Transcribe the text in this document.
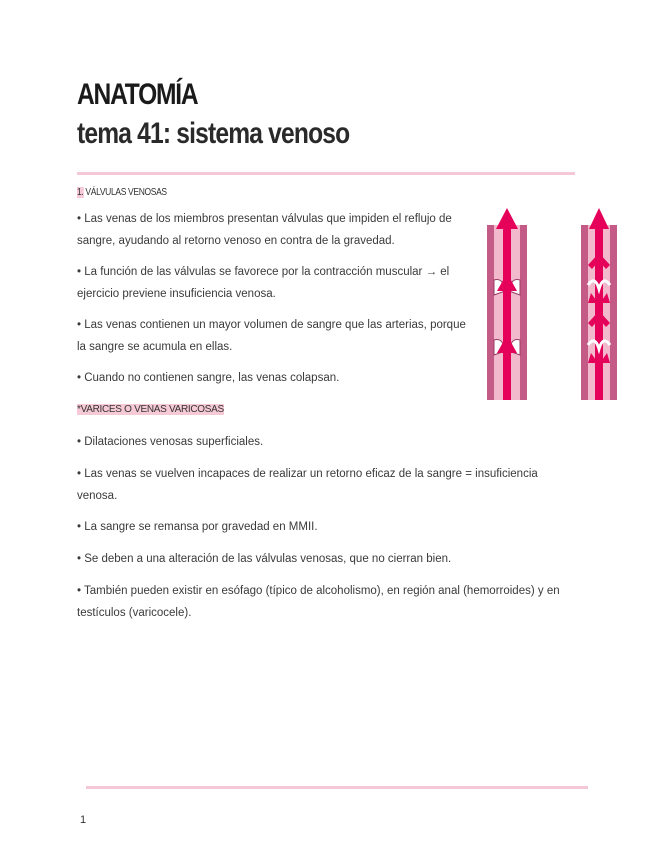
ANATOMÍA
tema 41: sistema venoso
1. VÁLVULAS VENOSAS

• Las venas de los miembros presentan válvulas que impiden el reflujo de sangre, ayudando al retorno venoso en contra de la gravedad.

• La función de las válvulas se favorece por la contracción muscular → el ejercicio previene insuficiencia venosa.

• Las venas contienen un mayor volumen de sangre que las arterias, porque la sangre se acumula en ellas.

• Cuando no contienen sangre, las venas colapsan.

*VARICES O VENAS VARICOSAS

• Dilataciones venosas superficiales.

• Las venas se vuelven incapaces de realizar un retorno eficaz de la sangre = insuficiencia venosa.

• La sangre se remansa por gravedad en MMII.

• Se deben a una alteración de las válvulas venosas, que no cierran bien.

• También pueden existir en esófago (típico de alcoholismo), en región anal (hemorroides) y en testículos (varicocele).

1
